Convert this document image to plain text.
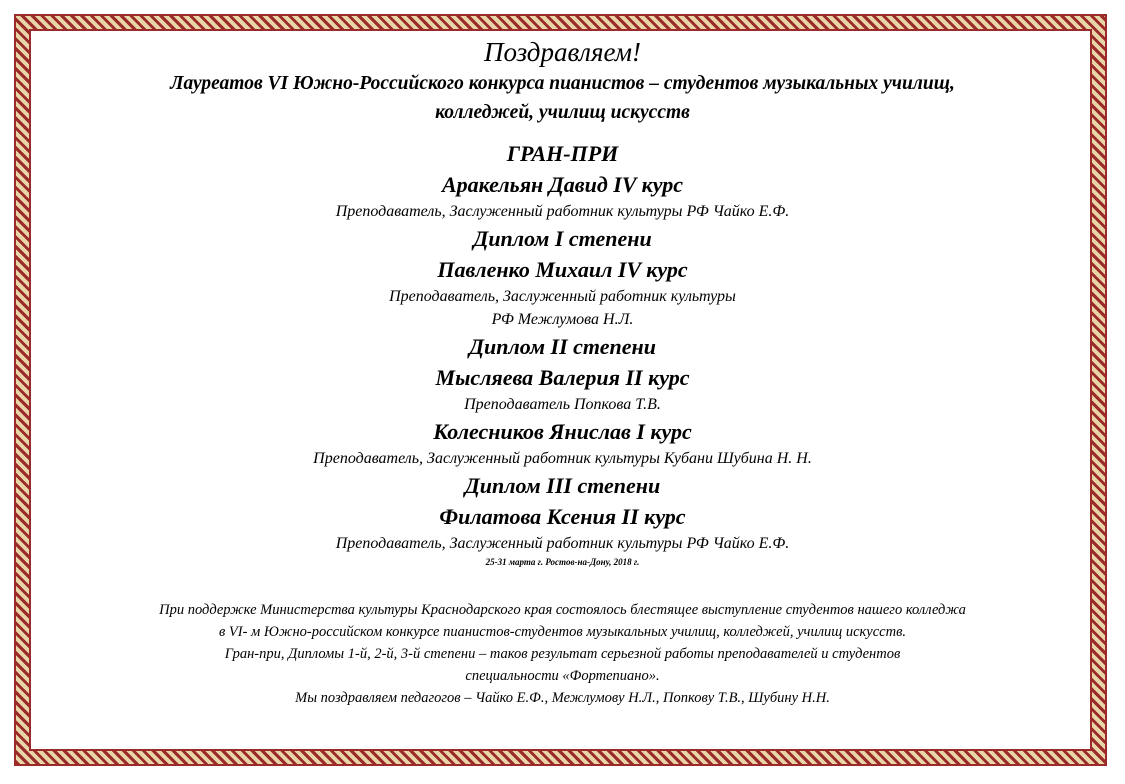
Поздравляем!
Лауреатов VI Южно-Российского конкурса пианистов – студентов музыкальных училищ,
колледжей, училищ искусств
ГРАН-ПРИ
Аракельян Давид IV курс
Преподаватель, Заслуженный работник культуры РФ Чайко Е.Ф.
Диплом I степени
Павленко Михаил IV курс
Преподаватель, Заслуженный работник культуры
РФ Межлумова Н.Л.
Диплом II степени
Мысляева Валерия II курс
Преподаватель Попкова Т.В.
Колесников Янислав I курс
Преподаватель, Заслуженный работник культуры Кубани Шубина Н. Н.
Диплом III степени
Филатова Ксения II курс
Преподаватель, Заслуженный работник культуры РФ Чайко Е.Ф.
25-31 марта г. Ростов-на-Дону, 2018 г.
При поддержке Министерства культуры Краснодарского края состоялось блестящее выступление студентов нашего колледжа
в VI- м Южно-российском конкурсе пианистов-студентов музыкальных училищ, колледжей, училищ искусств.
Гран-при, Дипломы 1-й, 2-й, 3-й степени – таков результат серьезной работы преподавателей и студентов
специальности «Фортепиано».
Мы поздравляем педагогов – Чайко Е.Ф., Межлумову Н.Л., Попкову Т.В., Шубину Н.Н.
